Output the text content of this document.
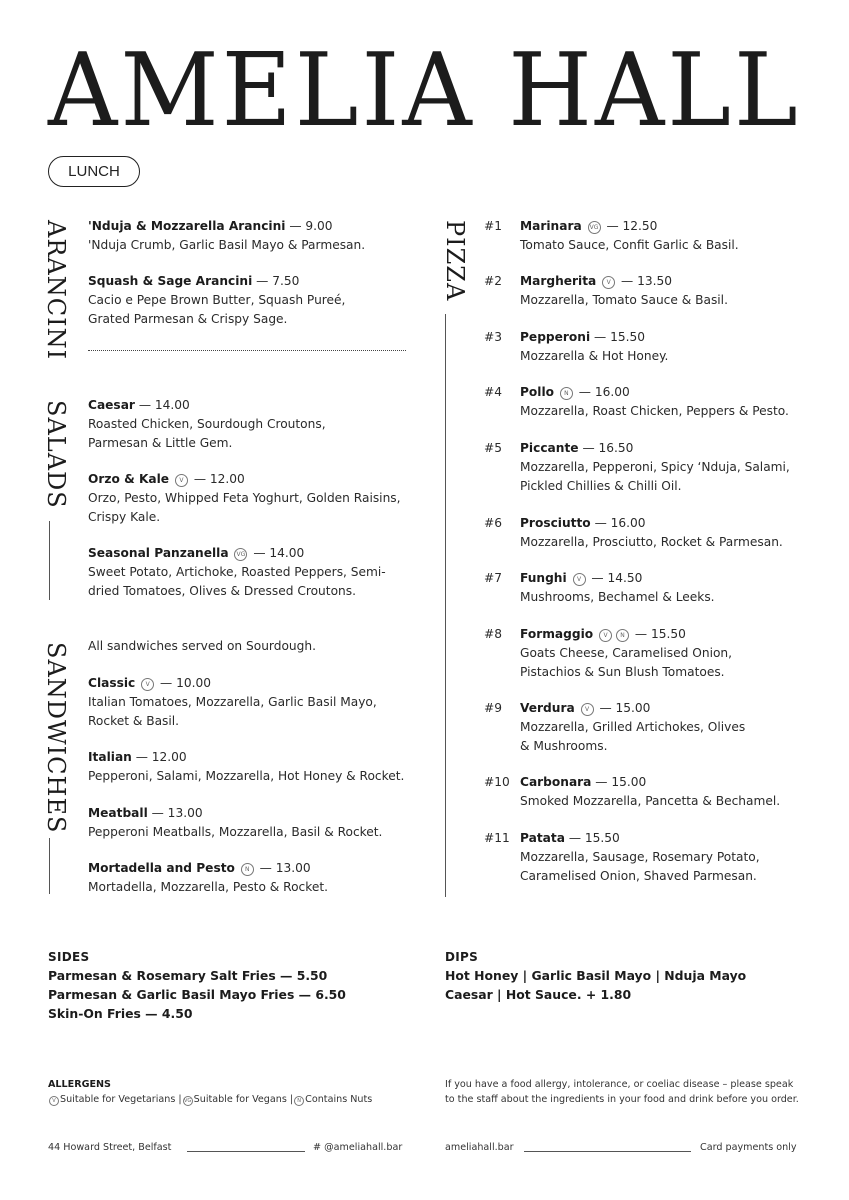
AMELIA HALL
LUNCH
ARANCINI 'Nduja & Mozzarella Arancini — 9.00
'Nduja Crumb, Garlic Basil Mayo & Parmesan.
Squash & Sage Arancini — 7.50
Cacio e Pepe Brown Butter, Squash Pureé,
Grated Parmesan & Crispy Sage.
SALADS Caesar — 14.00
Roasted Chicken, Sourdough Croutons,
Parmesan & Little Gem.
Orzo & Kale V — 12.00
Orzo, Pesto, Whipped Feta Yoghurt, Golden Raisins,
Crispy Kale.
Seasonal Panzanella VG — 14.00
Sweet Potato, Artichoke, Roasted Peppers, Semi-
dried Tomatoes, Olives & Dressed Croutons.
SANDWICHES All sandwiches served on Sourdough.
Classic V — 10.00
Italian Tomatoes, Mozzarella, Garlic Basil Mayo,
Rocket & Basil.
Italian — 12.00
Pepperoni, Salami, Mozzarella, Hot Honey & Rocket.
Meatball — 13.00
Pepperoni Meatballs, Mozzarella, Basil & Rocket.
Mortadella and Pesto N — 13.00
Mortadella, Mozzarella, Pesto & Rocket.
PIZZA #1 Marinara VG — 12.50
Tomato Sauce, Confit Garlic & Basil.
#2 Margherita V — 13.50
Mozzarella, Tomato Sauce & Basil.
#3 Pepperoni — 15.50
Mozzarella & Hot Honey.
#4 Pollo N — 16.00
Mozzarella, Roast Chicken, Peppers & Pesto.
#5 Piccante — 16.50
Mozzarella, Pepperoni, Spicy ‘Nduja, Salami,
Pickled Chillies & Chilli Oil.
#6 Prosciutto — 16.00
Mozzarella, Prosciutto, Rocket & Parmesan.
#7 Funghi V — 14.50
Mushrooms, Bechamel & Leeks.
#8 Formaggio V N — 15.50
Goats Cheese, Caramelised Onion,
Pistachios & Sun Blush Tomatoes.
#9 Verdura V — 15.00
Mozzarella, Grilled Artichokes, Olives
& Mushrooms.
#10 Carbonara — 15.00
Smoked Mozzarella, Pancetta & Bechamel.
#11 Patata — 15.50
Mozzarella, Sausage, Rosemary Potato,
Caramelised Onion, Shaved Parmesan.
SIDES
Parmesan & Rosemary Salt Fries — 5.50
Parmesan & Garlic Basil Mayo Fries — 6.50
Skin-On Fries — 4.50
DIPS
Hot Honey | Garlic Basil Mayo | Nduja Mayo
Caesar | Hot Sauce. + 1.80
ALLERGENS
V Suitable for Vegetarians | VG Suitable for Vegans | N Contains Nuts
If you have a food allergy, intolerance, or coeliac disease – please speak
to the staff about the ingredients in your food and drink before you order.
44 Howard Street, Belfast	# @ameliahall.bar	ameliahall.bar	Card payments only
